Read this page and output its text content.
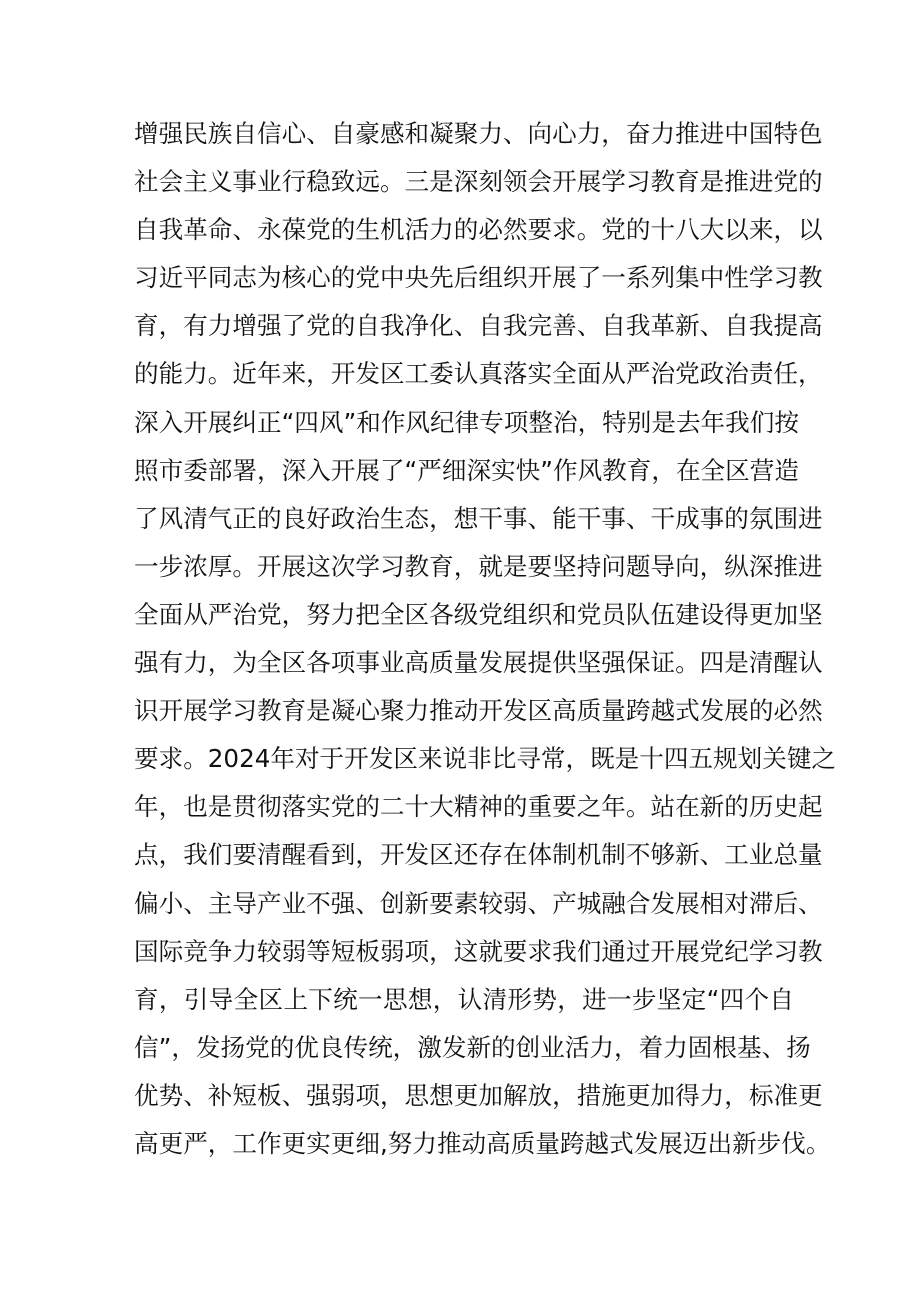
增强民族自信心、自豪感和凝聚力、向心力，奋力推进中国特色
社会主义事业行稳致远。三是深刻领会开展学习教育是推进党的
自我革命、永葆党的生机活力的必然要求。党的十八大以来，以
习近平同志为核心的党中央先后组织开展了一系列集中性学习教
育，有力增强了党的自我净化、自我完善、自我革新、自我提高
的能力。近年来，开发区工委认真落实全面从严治党政治责任，
深入开展纠正“四风”和作风纪律专项整治，特别是去年我们按
照市委部署，深入开展了“严细深实快”作风教育，在全区营造
了风清气正的良好政治生态，想干事、能干事、干成事的氛围进
一步浓厚。开展这次学习教育，就是要坚持问题导向，纵深推进
全面从严治党，努力把全区各级党组织和党员队伍建设得更加坚
强有力，为全区各项事业高质量发展提供坚强保证。四是清醒认
识开展学习教育是凝心聚力推动开发区高质量跨越式发展的必然
要求。2024年对于开发区来说非比寻常，既是十四五规划关键之
年，也是贯彻落实党的二十大精神的重要之年。站在新的历史起
点，我们要清醒看到，开发区还存在体制机制不够新、工业总量
偏小、主导产业不强、创新要素较弱、产城融合发展相对滞后、
国际竞争力较弱等短板弱项，这就要求我们通过开展党纪学习教
育，引导全区上下统一思想，认清形势，进一步坚定“四个自
信”，发扬党的优良传统，激发新的创业活力，着力固根基、扬
优势、补短板、强弱项，思想更加解放，措施更加得力，标准更
高更严，工作更实更细,努力推动高质量跨越式发展迈出新步伐。
